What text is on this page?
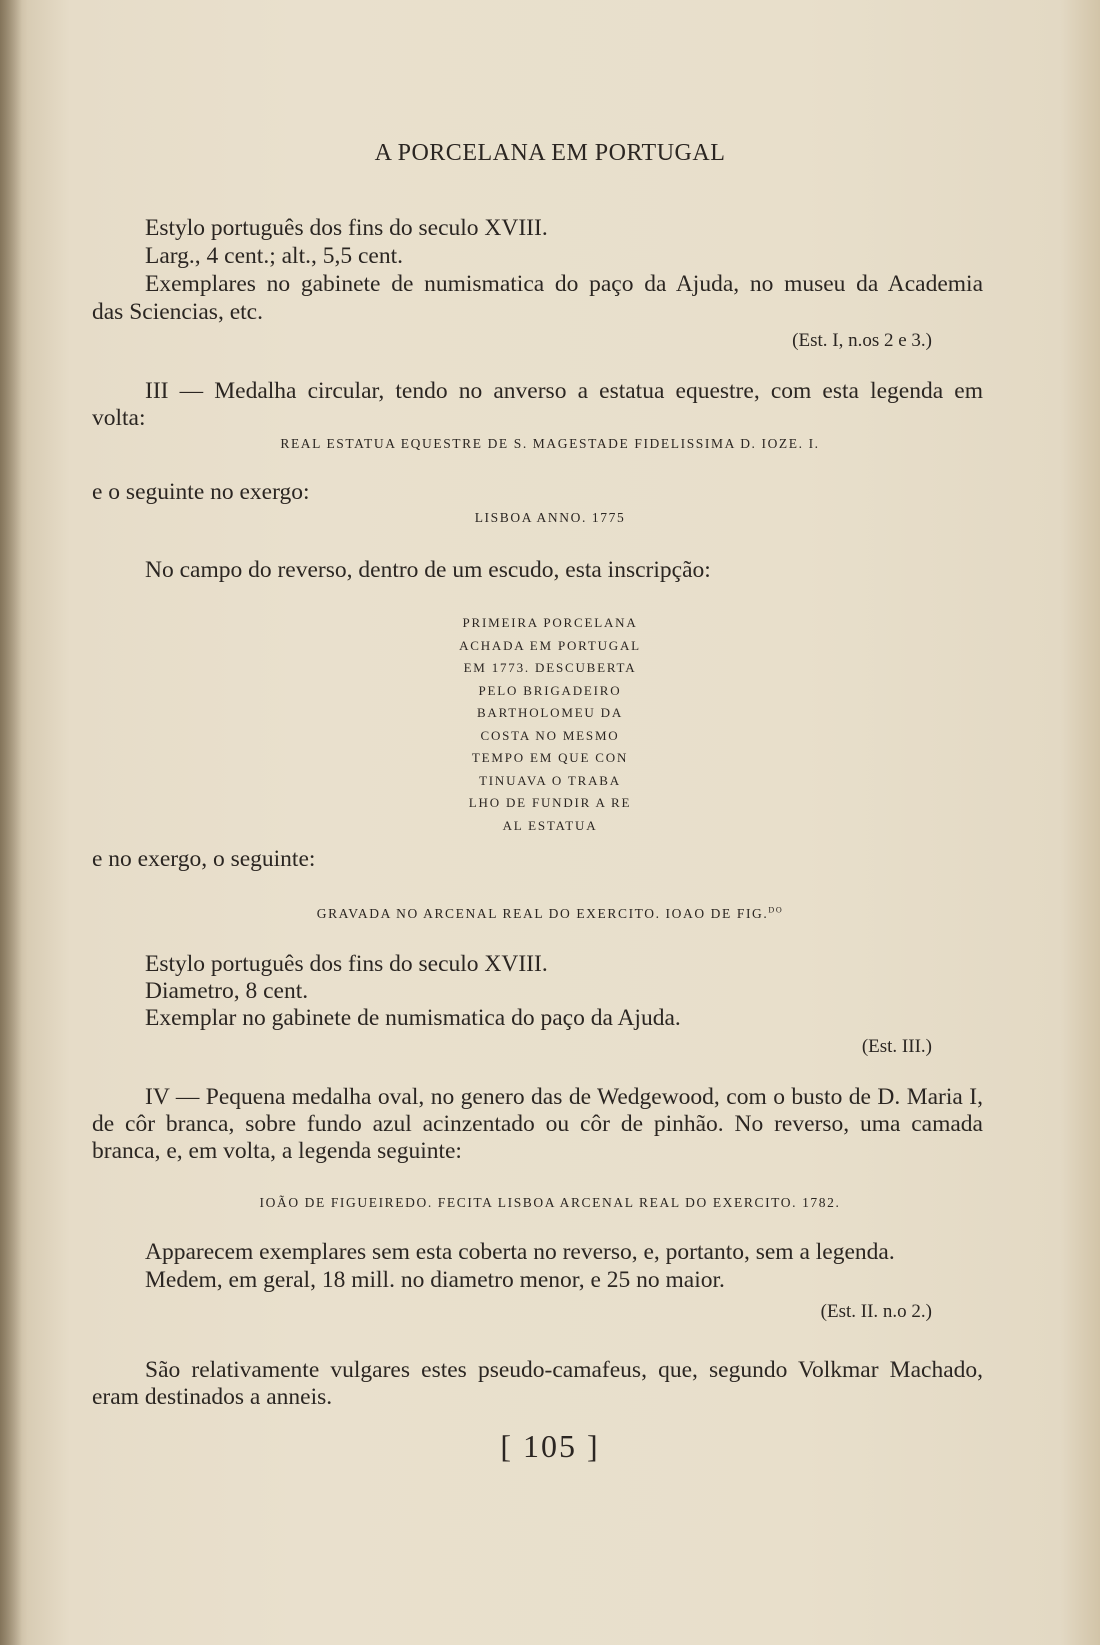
A PORCELANA EM PORTUGAL
Estylo português dos fins do seculo XVIII.
Larg., 4 cent.; alt., 5,5 cent.
Exemplares no gabinete de numismatica do paço da Ajuda, no museu da Academia
das Sciencias, etc.
(Est. I, n.os 2 e 3.)
III — Medalha circular, tendo no anverso a estatua equestre, com esta legenda em
volta:
REAL ESTATUA EQUESTRE DE S. MAGESTADE FIDELISSIMA D. IOZE. I.
e o seguinte no exergo:
LISBOA ANNO. 1775
No campo do reverso, dentro de um escudo, esta inscripção:
PRIMEIRA PORCELANA
ACHADA EM PORTUGAL
EM 1773. DESCUBERTA
PELO BRIGADEIRO
BARTHOLOMEU DA
COSTA NO MESMO
TEMPO EM QUE CON
TINUAVA O TRABA
LHO DE FUNDIR A RE
AL ESTATUA
e no exergo, o seguinte:
GRAVADA NO ARCENAL REAL DO EXERCITO. IOAO DE FIG.$^{DO}$
Estylo português dos fins do seculo XVIII.
Diametro, 8 cent.
Exemplar no gabinete de numismatica do paço da Ajuda.
(Est. III.)
IV — Pequena medalha oval, no genero das de Wedgewood, com o busto de D. Maria I,
de côr branca, sobre fundo azul acinzentado ou côr de pinhão. No reverso, uma camada
branca, e, em volta, a legenda seguinte:
IOÃO DE FIGUEIREDO. FECITA LISBOA ARCENAL REAL DO EXERCITO. 1782.
Apparecem exemplares sem esta coberta no reverso, e, portanto, sem a legenda.
Medem, em geral, 18 mill. no diametro menor, e 25 no maior.
(Est. II. n.o 2.)
São relativamente vulgares estes pseudo-camafeus, que, segundo Volkmar Machado,
eram destinados a anneis.
[ 105 ]
